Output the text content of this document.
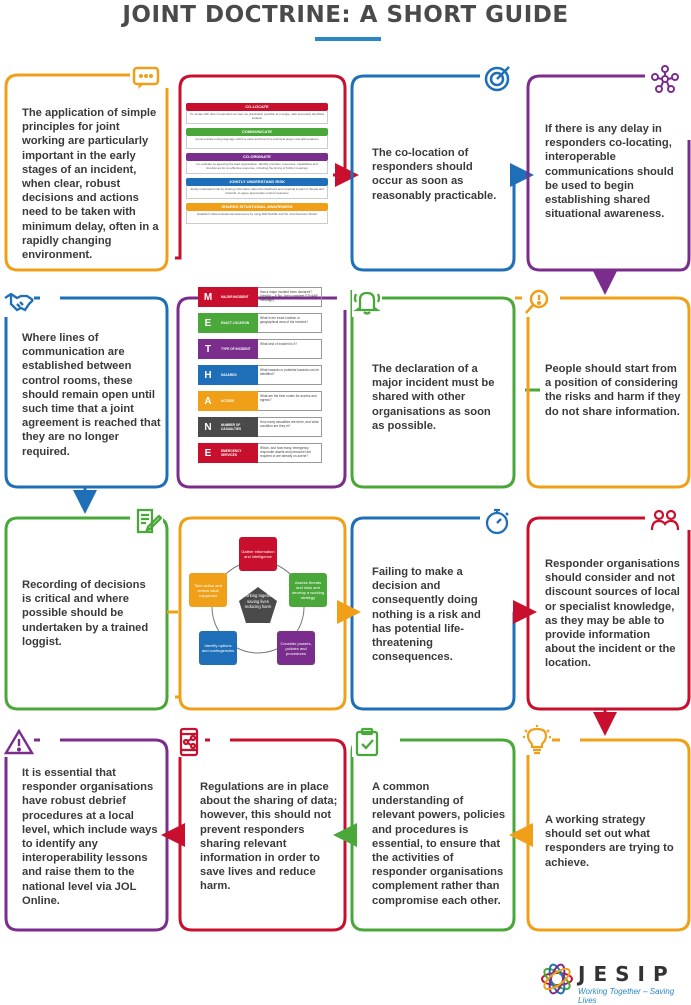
JOINT DOCTRINE: A SHORT GUIDE
The application of simple principles for joint working are particularly important in the early stages of an incident, when clear, robust decisions and actions need to be taken with minimum delay, often in a rapidly changing environment.
The co-location of responders should occur as soon as reasonably practicable.
If there is any delay in responders co-locating, interoperable communications should be used to begin establishing shared situational awareness.
Where lines of communication are established between control rooms, these should remain open until such time that a joint agreement is reached that they are no longer required.
The declaration of a major incident must be shared with other organisations as soon as possible.
People should start from a position of considering the risks and harm if they do not share information.
Recording of decisions is critical and where possible should be undertaken by a trained loggist.
Failing to make a decision and consequently doing nothing is a risk and has potential life-threatening consequences.
Responder organisations should consider and not discount sources of local or specialist knowledge, as they may be able to provide information about the incident or the location.
It is essential that responder organisations have robust debrief procedures at a local level, which include ways to identify any interoperability lessons and raise them to the national level via JOL Online.
Regulations are in place about the sharing of data; however, this should not prevent responders sharing relevant information in order to save lives and reduce harm.
A common understanding of relevant powers, policies and procedures is essential, to ensure that the activities of responder organisations complement rather than compromise each other.
A working strategy should set out what responders are trying to achieve.
CO-LOCATE
Co-locate with other responders as soon as practicably possible at a single, safe and easily identified location
COMMUNICATE
Communicate using language which is clear and free from technical jargon and abbreviations
CO-ORDINATE
Co-ordinate by agreeing the lead organisation. Identify priorities, resources, capabilities and timeframes for an effective response, including the timing of further meetings
JOINTLY UNDERSTAND RISK
Jointly understand risk by sharing information about the likelihood and potential impact of threats and hazards, to agree appropriate control measures
SHARED SITUATIONAL AWARENESS
Establish shared situational awareness by using M/ETHANE and the Joint Decision Model
M	MAJOR INCIDENT
Has a major incident been declared? (Yes/No – if 'No', then complete ETHANE message)
E	EXACT LOCATION
What is the exact location or geographical area of the incident?
T	TYPE OF INCIDENT
What kind of incident is it?
H	HAZARDS
What hazards or potential hazards can be identified?
A	ACCESS
What are the best routes for access and egress?
N	NUMBER OF CASUALTIES
How many casualties are there, and what condition are they in?
E	EMERGENCY SERVICES
Which, and how many, emergency responder assets and personnel are required or are already on-scene?
Working together saving lives reducing harm
Gather information and intelligence
Assess threats and risks and develop a working strategy
Consider powers, policies and procedures
Identify options and contingencies
Take action and review what happened
JESIP
Working Together – Saving Lives
